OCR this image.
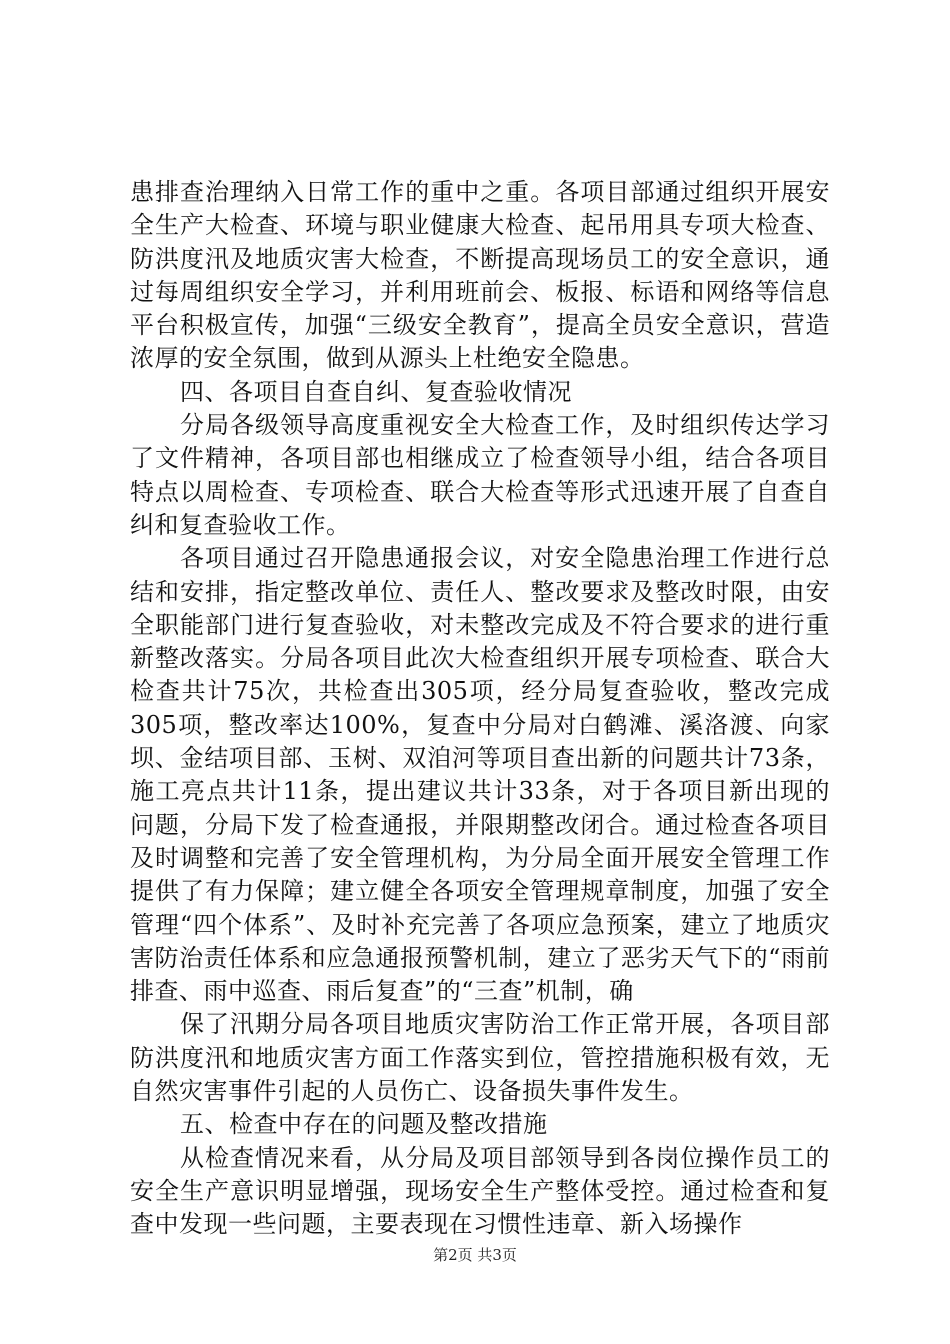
患排查治理纳入日常工作的重中之重。各项目部通过组织开展安全生产大检查、环境与职业健康大检查、起吊用具专项大检查、防洪度汛及地质灾害大检查，不断提高现场员工的安全意识，通过每周组织安全学习，并利用班前会、板报、标语和网络等信息平台积极宣传，加强“三级安全教育”，提高全员安全意识，营造浓厚的安全氛围，做到从源头上杜绝安全隐患。

四、各项目自查自纠、复查验收情况

分局各级领导高度重视安全大检查工作，及时组织传达学习了文件精神，各项目部也相继成立了检查领导小组，结合各项目特点以周检查、专项检查、联合大检查等形式迅速开展了自查自纠和复查验收工作。

各项目通过召开隐患通报会议，对安全隐患治理工作进行总结和安排，指定整改单位、责任人、整改要求及整改时限，由安全职能部门进行复查验收，对未整改完成及不符合要求的进行重新整改落实。分局各项目此次大检查组织开展专项检查、联合大检查共计75次，共检查出305项，经分局复查验收，整改完成305项，整改率达100%，复查中分局对白鹤滩、溪洛渡、向家坝、金结项目部、玉树、双洎河等项目查出新的问题共计73条，施工亮点共计11条，提出建议共计33条，对于各项目新出现的问题，分局下发了检查通报，并限期整改闭合。通过检查各项目及时调整和完善了安全管理机构，为分局全面开展安全管理工作提供了有力保障；建立健全各项安全管理规章制度，加强了安全管理“四个体系”、及时补充完善了各项应急预案，建立了地质灾害防治责任体系和应急通报预警机制，建立了恶劣天气下的“雨前排查、雨中巡查、雨后复查”的“三查”机制，确

保了汛期分局各项目地质灾害防治工作正常开展，各项目部防洪度汛和地质灾害方面工作落实到位，管控措施积极有效，无自然灾害事件引起的人员伤亡、设备损失事件发生。

五、检查中存在的问题及整改措施

从检查情况来看，从分局及项目部领导到各岗位操作员工的安全生产意识明显增强，现场安全生产整体受控。通过检查和复查中发现一些问题，主要表现在习惯性违章、新入场操作

第2页 共3页
